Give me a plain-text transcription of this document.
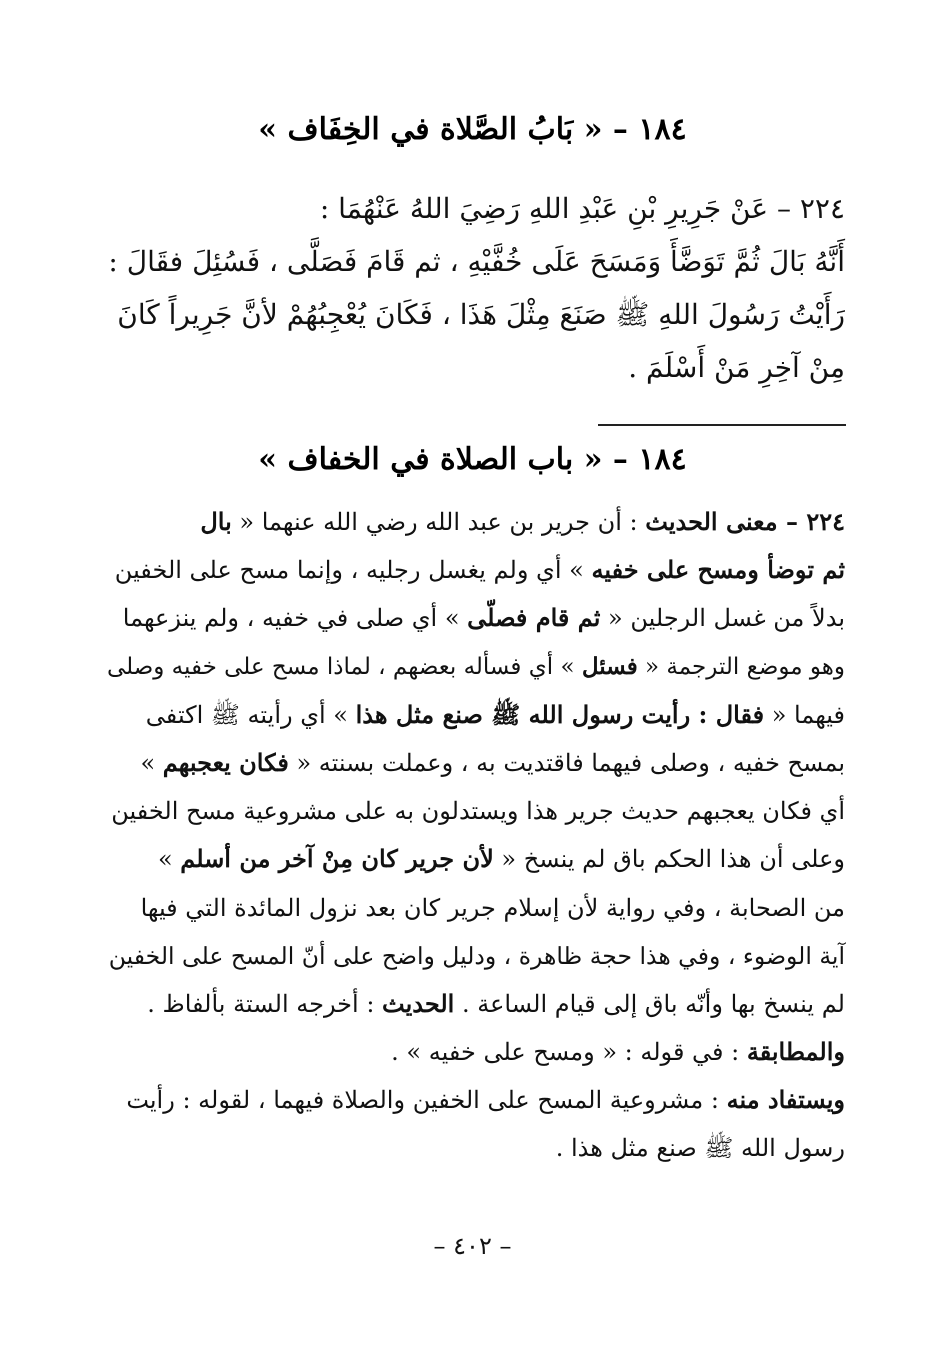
١٨٤ – « بَابُ الصَّلاة في الخِفَاف »
٢٢٤ – عَنْ جَرِيرِ بْنِ عَبْدِ اللهِ رَضِيَ اللهُ عَنْهُمَا :
أَنَّهُ بَالَ ثُمَّ تَوَضَّأَ وَمَسَحَ عَلَى خُفَّيْهِ ، ثم قَامَ فَصَلَّى ، فَسُئِلَ فقَالَ :
رَأَيْتُ رَسُولَ اللهِ ﷺ صَنَعَ مِثْلَ هَذَا ، فَكَانَ يُعْجِبُهُمْ لأنَّ جَرِيراً كَانَ
مِنْ آخِرِ مَنْ أَسْلَمَ .
١٨٤ – « باب الصلاة في الخفاف »
٢٢٤ – معنى الحديث : أن جرير بن عبد الله رضي الله عنهما « بال
ثم توضأ ومسح على خفيه » أي ولم يغسل رجليه ، وإنما مسح على الخفين
بدلاً من غسل الرجلين « ثم قام فصلّى » أي صلى في خفيه ، ولم ينزعهما
وهو موضع الترجمة « فسئل » أي فسأله بعضهم ، لماذا مسح على خفيه وصلى
فيهما « فقال : رأيت رسول الله ﷺ صنع مثل هذا » أي رأيته ﷺ اكتفى
بمسح خفيه ، وصلى فيهما فاقتديت به ، وعملت بسنته « فكان يعجبهم »
أي فكان يعجبهم حديث جرير هذا ويستدلون به على مشروعية مسح الخفين
وعلى أن هذا الحكم باق لم ينسخ « لأن جرير كان مِنْ آخر من أسلم »
من الصحابة ، وفي رواية لأن إسلام جرير كان بعد نزول المائدة التي فيها
آية الوضوء ، وفي هذا حجة ظاهرة ، ودليل واضح على أنّ المسح على الخفين
لم ينسخ بها وأنّه باق إلى قيام الساعة . الحديث : أخرجه الستة بألفاظ .
والمطابقة : في قوله : « ومسح على خفيه » .
ويستفاد منه : مشروعية المسح على الخفين والصلاة فيهما ، لقوله : رأيت
رسول الله ﷺ صنع مثل هذا .
– ٤٠٢ –
